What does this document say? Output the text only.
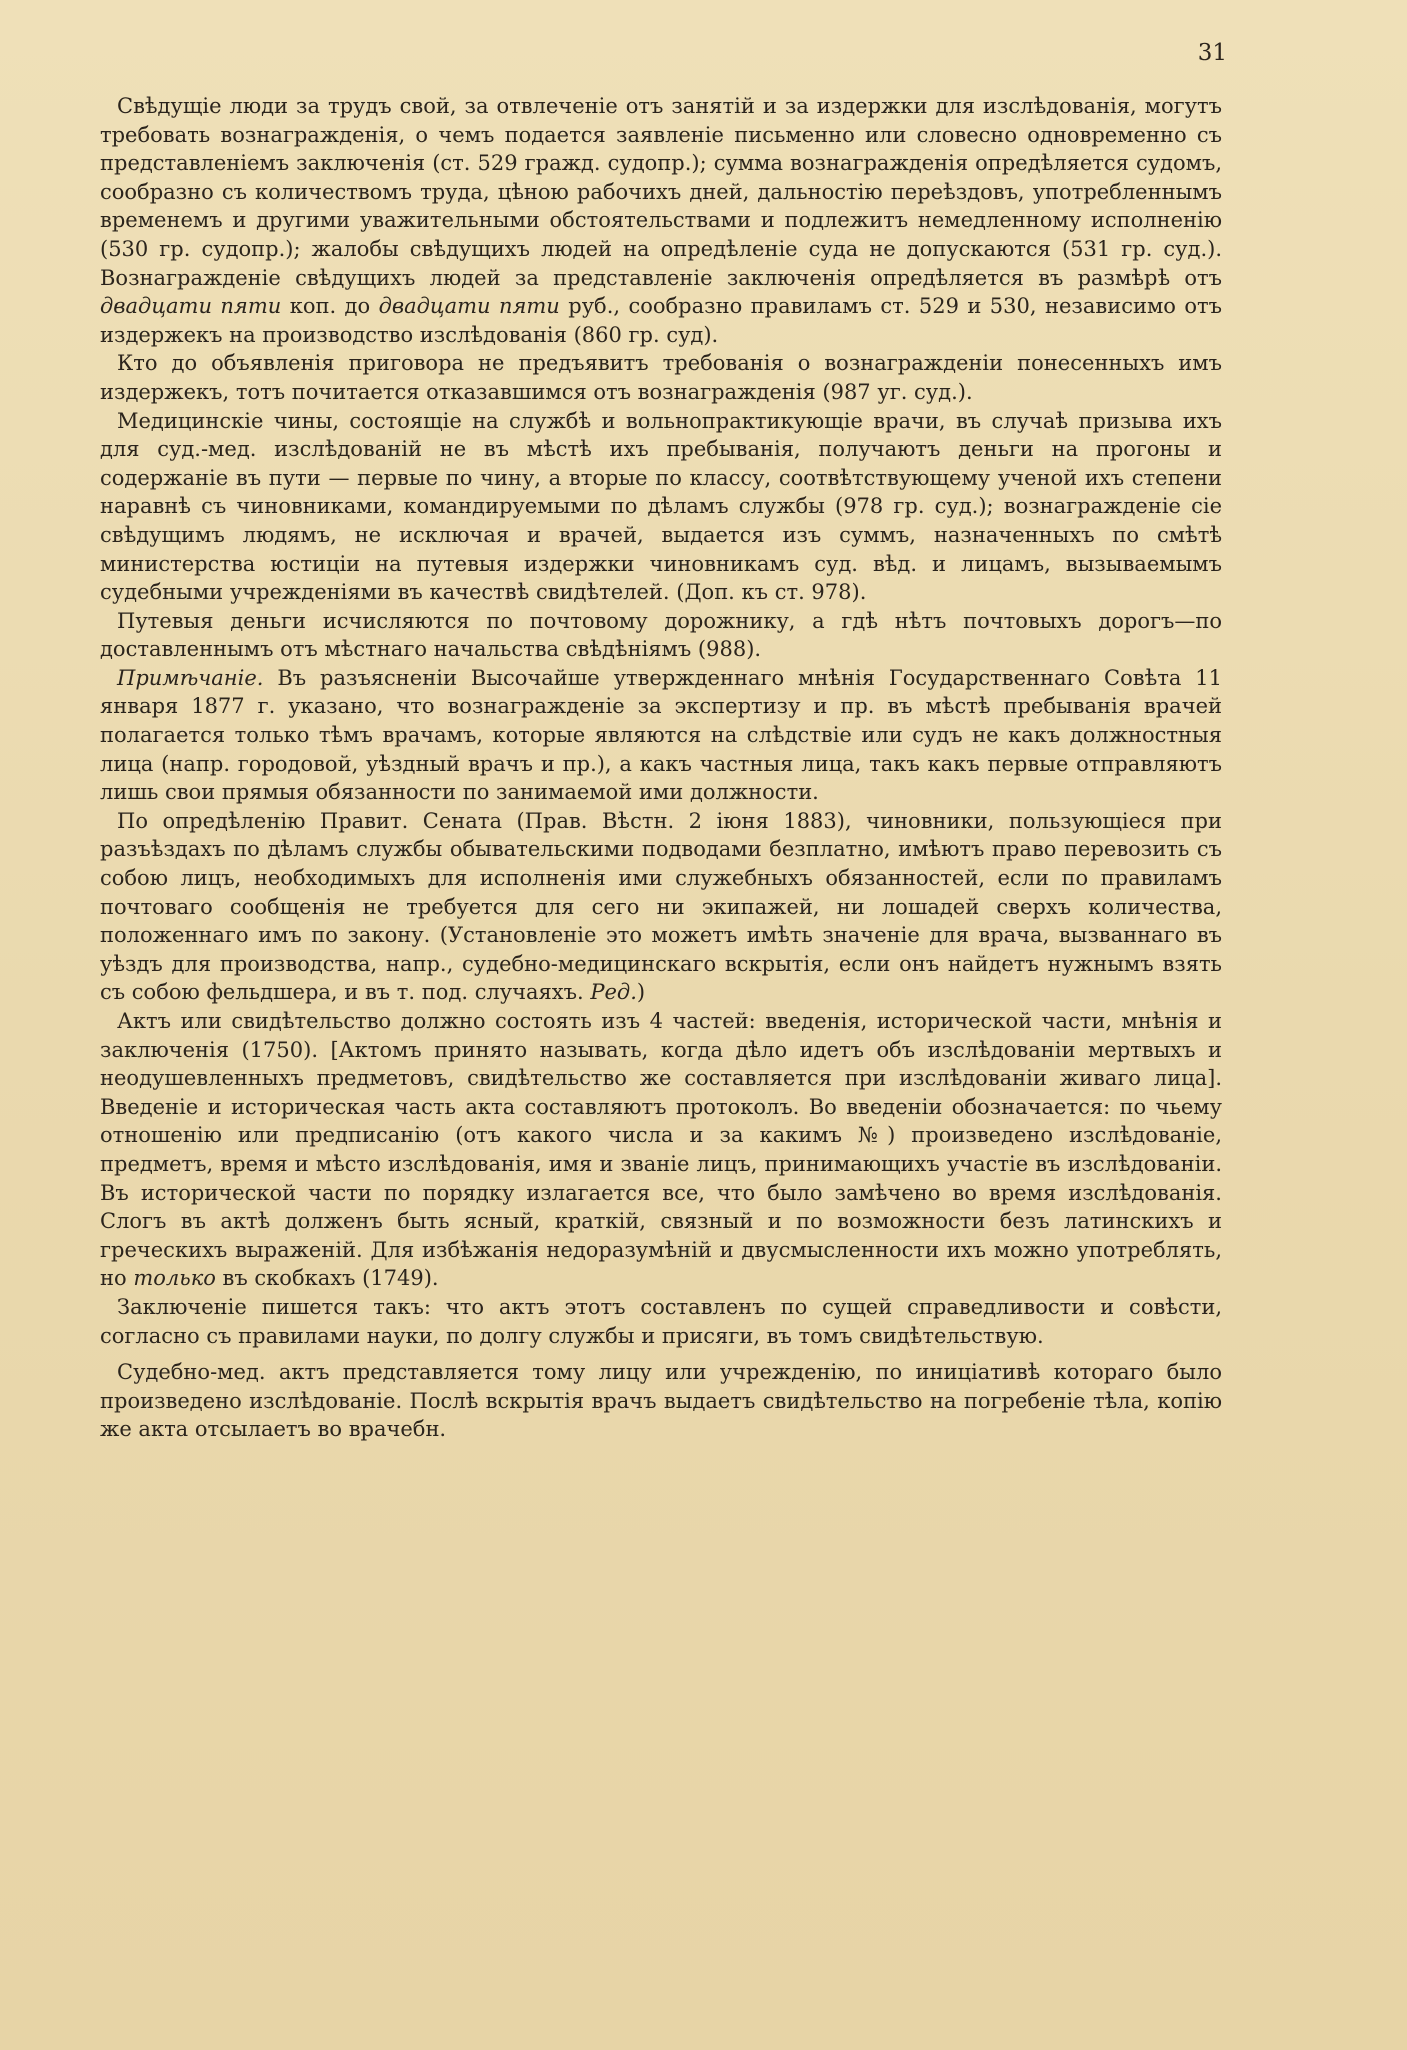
31

Свѣдущіе люди за трудъ свой, за отвлеченіе отъ занятій и за издержки для изслѣдованія, могутъ требовать вознагражденія, о чемъ подается заявленіе письменно или словесно одновременно съ представленіемъ заключенія (ст. 529 гражд. судопр.); сумма вознагражденія опредѣляется судомъ, сообразно съ количествомъ труда, цѣною рабочихъ дней, дальностію переѣздовъ, употребленнымъ временемъ и другими уважительными обстоятельствами и подлежитъ немедленному исполненію (530 гр. судопр.); жалобы свѣдущихъ людей на опредѣленіе суда не допускаются (531 гр. суд.). Вознагражденіе свѣдущихъ людей за представленіе заключенія опредѣляется въ размѣрѣ отъ двадцати пяти коп. до двадцати пяти руб., сообразно правиламъ ст. 529 и 530, независимо отъ издержекъ на производство изслѣдованія (860 гр. суд).

Кто до объявленія приговора не предъявитъ требованія о вознагражденіи понесенныхъ имъ издержекъ, тотъ почитается отказавшимся отъ вознагражденія (987 уг. суд.).

Медицинскіе чины, состоящіе на службѣ и вольнопрактикующіе врачи, въ случаѣ призыва ихъ для суд.-мед. изслѣдованій не въ мѣстѣ ихъ пребыванія, получаютъ деньги на прогоны и содержаніе въ пути — первые по чину, а вторые по классу, соотвѣтствующему ученой ихъ степени наравнѣ съ чиновниками, командируемыми по дѣламъ службы (978 гр. суд.); вознагражденіе сіе свѣдущимъ людямъ, не исключая и врачей, выдается изъ суммъ, назначенныхъ по смѣтѣ министерства юстиціи на путевыя издержки чиновникамъ суд. вѣд. и лицамъ, вызываемымъ судебными учрежденіями въ качествѣ свидѣтелей. (Доп. къ ст. 978).

Путевыя деньги исчисляются по почтовому дорожнику, а гдѣ нѣтъ почтовыхъ дорогъ—по доставленнымъ отъ мѣстнаго начальства свѣдѣніямъ (988).

Примѣчаніе. Въ разъясненіи Высочайше утвержденнаго мнѣнія Государственнаго Совѣта 11 января 1877 г. указано, что вознагражденіе за экспертизу и пр. въ мѣстѣ пребыванія врачей полагается только тѣмъ врачамъ, которые являются на слѣдствіе или судъ не какъ должностныя лица (напр. городовой, уѣздный врачъ и пр.), а какъ частныя лица, такъ какъ первые отправляютъ лишь свои прямыя обязанности по занимаемой ими должности.

По опредѣленію Правит. Сената (Прав. Вѣстн. 2 іюня 1883), чиновники, пользующіеся при разъѣздахъ по дѣламъ службы обывательскими подводами безплатно, имѣютъ право перевозить съ собою лицъ, необходимыхъ для исполненія ими служебныхъ обязанностей, если по правиламъ почтоваго сообщенія не требуется для сего ни экипажей, ни лошадей сверхъ количества, положеннаго имъ по закону. (Установленіе это можетъ имѣть значеніе для врача, вызваннаго въ уѣздъ для производства, напр., судебно-медицинскаго вскрытія, если онъ найдетъ нужнымъ взять съ собою фельдшера, и въ т. под. случаяхъ. Ред.)

Актъ или свидѣтельство должно состоять изъ 4 частей: введенія, исторической части, мнѣнія и заключенія (1750). [Актомъ принято называть, когда дѣло идетъ объ изслѣдованіи мертвыхъ и неодушевленныхъ предметовъ, свидѣтельство же составляется при изслѣдованіи живаго лица]. Введеніе и историческая часть акта составляютъ протоколъ. Во введеніи обозначается: по чьему отношенію или предписанію (отъ какого числа и за какимъ №) произведено изслѣдованіе, предметъ, время и мѣсто изслѣдованія, имя и званіе лицъ, принимающихъ участіе въ изслѣдованіи. Въ исторической части по порядку излагается все, что было замѣчено во время изслѣдованія. Слогъ въ актѣ долженъ быть ясный, краткій, связный и по возможности безъ латинскихъ и греческихъ выраженій. Для избѣжанія недоразумѣній и двусмысленности ихъ можно употреблять, но только въ скобкахъ (1749).

Заключеніе пишется такъ: что актъ этотъ составленъ по сущей справедливости и совѣсти, согласно съ правилами науки, по долгу службы и присяги, въ томъ свидѣтельствую.

Судебно-мед. актъ представляется тому лицу или учрежденію, по иниціативѣ котораго было произведено изслѣдованіе. Послѣ вскрытія врачъ выдаетъ свидѣтельство на погребеніе тѣла, копію же акта отсылаетъ во врачебн.
